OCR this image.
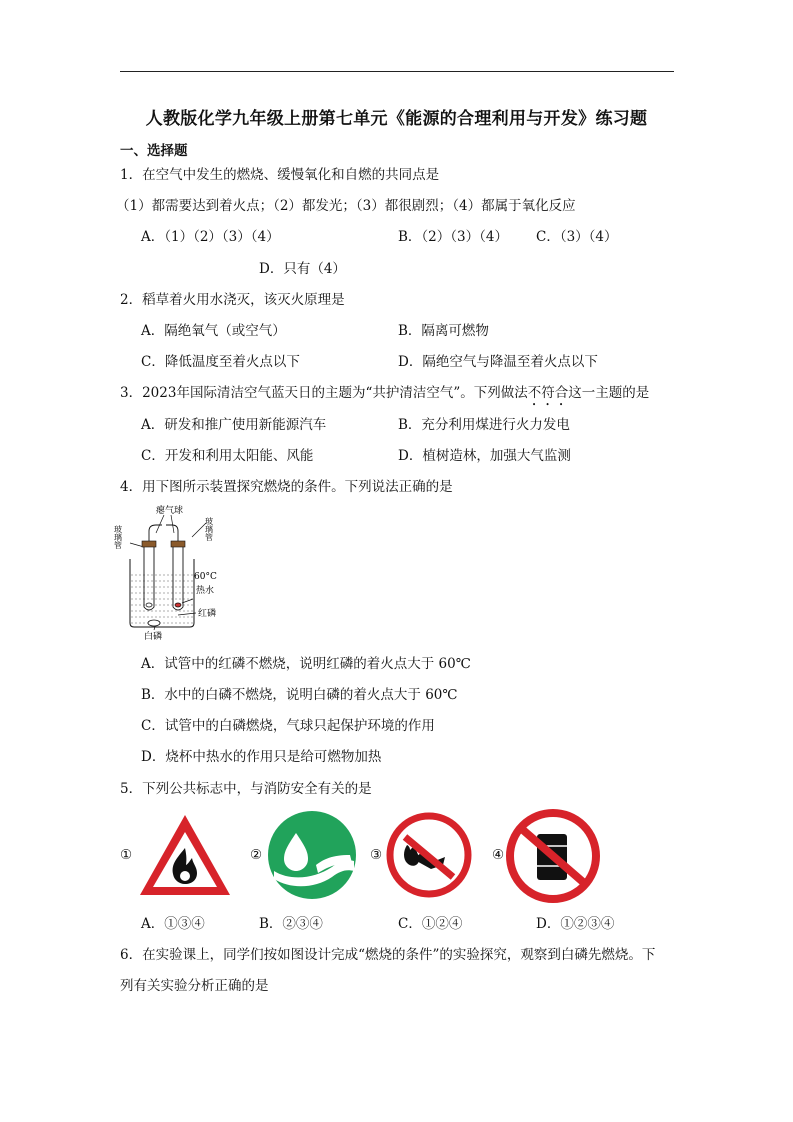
人教版化学九年级上册第七单元《能源的合理利用与开发》练习题
一、选择题
1．在空气中发生的燃烧、缓慢氧化和自燃的共同点是
（1）都需要达到着火点；（2）都发光；（3）都很剧烈；（4）都属于氧化反应
A．（1）（2）（3）（4）	B．（2）（3）（4） C．（3）（4）
D．只有（4）
2．稻草着火用水浇灭，该灭火原理是
A．隔绝氧气（或空气）	B．隔离可燃物
C．降低温度至着火点以下	D．隔绝空气与降温至着火点以下
3．2023年国际清洁空气蓝天日的主题为“共护清洁空气”。下列做法不符合这一主题的是
A．研发和推广使用新能源汽车	B．充分利用煤进行火力发电
C．开发和利用太阳能、风能	D．植树造林，加强大气监测
4．用下图所示装置探究燃烧的条件。下列说法正确的是
瘪气球
玻璃管	玻璃管
60°C
热水
红磷
白磷
A．试管中的红磷不燃烧，说明红磷的着火点大于 60℃
B．水中的白磷不燃烧，说明白磷的着火点大于 60℃
C．试管中的白磷燃烧，气球只起保护环境的作用
D．烧杯中热水的作用只是给可燃物加热
5．下列公共标志中，与消防安全有关的是
①	②	③	④
A．①③④	B．②③④	C．①②④	D．①②③④
6．在实验课上，同学们按如图设计完成“燃烧的条件”的实验探究，观察到白磷先燃烧。下
列有关实验分析正确的是
